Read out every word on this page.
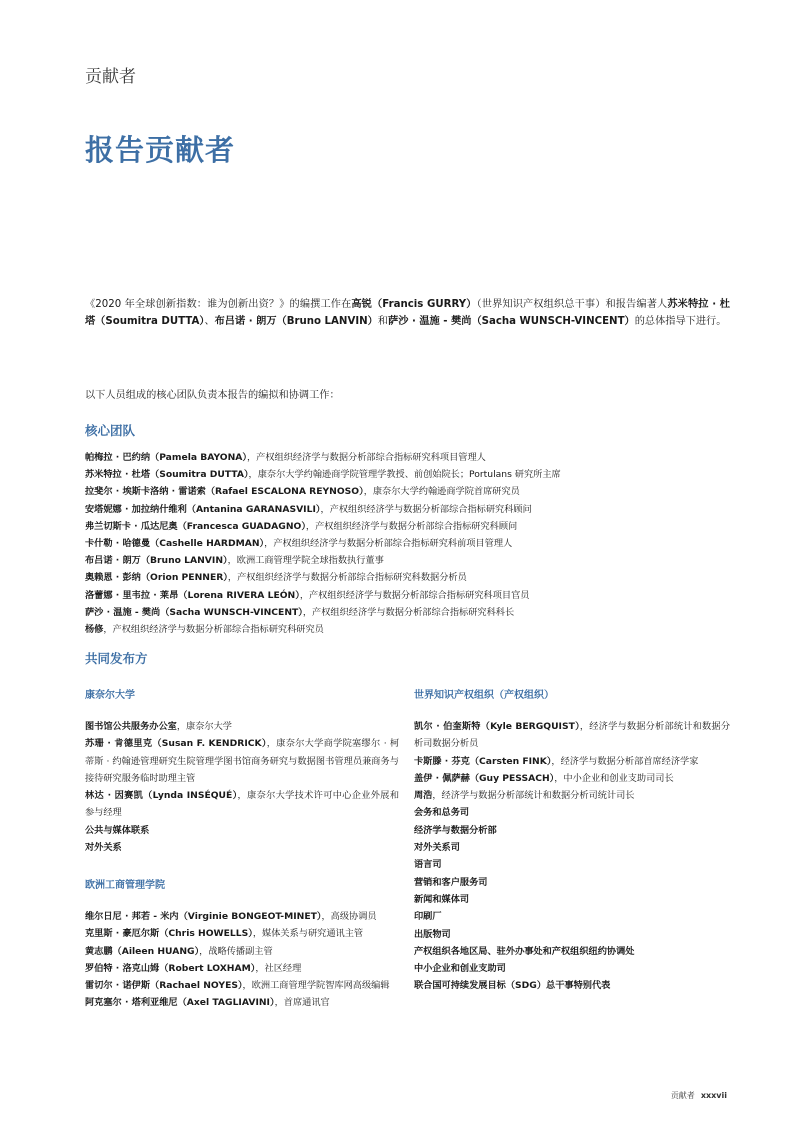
贡献者
报告贡献者
《2020 年全球创新指数：谁为创新出资？》的编撰工作在高锐（Francis GURRY）（世界知识产权组织总干事）和报告编著人苏米特拉 · 杜塔（Soumitra DUTTA）、布吕诺 · 朗万（Bruno LANVIN）和萨沙 · 温施 - 樊尚（Sacha WUNSCH-VINCENT）的总体指导下进行。
以下人员组成的核心团队负责本报告的编拟和协调工作：
核心团队
帕梅拉 · 巴约纳（Pamela BAYONA），产权组织经济学与数据分析部综合指标研究科项目管理人
苏米特拉 · 杜塔（Soumitra DUTTA），康奈尔大学约翰逊商学院管理学教授、前创始院长；Portulans 研究所主席
拉斐尔 · 埃斯卡洛纳 · 雷诺索（Rafael ESCALONA REYNOSO），康奈尔大学约翰逊商学院首席研究员
安塔妮娜 · 加拉纳什维利（Antanina GARANASVILI），产权组织经济学与数据分析部综合指标研究科顾问
弗兰切斯卡 · 瓜达尼奥（Francesca GUADAGNO），产权组织经济学与数据分析部综合指标研究科顾问
卡什勒 · 哈德曼（Cashelle HARDMAN），产权组织经济学与数据分析部综合指标研究科前项目管理人
布吕诺 · 朗万（Bruno LANVIN），欧洲工商管理学院全球指数执行董事
奥赖恩 · 彭纳（Orion PENNER），产权组织经济学与数据分析部综合指标研究科数据分析员
洛蕾娜 · 里韦拉 · 莱昂（Lorena RIVERA LEÓN），产权组织经济学与数据分析部综合指标研究科项目官员
萨沙 · 温施 - 樊尚（Sacha WUNSCH-VINCENT），产权组织经济学与数据分析部综合指标研究科科长
杨修，产权组织经济学与数据分析部综合指标研究科研究员
共同发布方
康奈尔大学
图书馆公共服务办公室，康奈尔大学
苏珊 · 肯德里克（Susan F. KENDRICK），康奈尔大学商学院塞缪尔 · 柯蒂斯 · 约翰逊管理研究生院管理学图书馆商务研究与数据图书管理员兼商务与接待研究服务临时助理主管
林达 · 因赛凯（Lynda INSÉQUÉ），康奈尔大学技术许可中心企业外展和参与经理
公共与媒体联系
对外关系
欧洲工商管理学院
维尔日尼 · 邦若 - 米内（Virginie BONGEOT-MINET），高级协调员
克里斯 · 豪厄尔斯（Chris HOWELLS），媒体关系与研究通讯主管
黄志鹏（Aileen HUANG），战略传播副主管
罗伯特 · 洛克山姆（Robert LOXHAM），社区经理
雷切尔 · 诺伊斯（Rachael NOYES），欧洲工商管理学院智库网高级编辑
阿克塞尔 · 塔利亚维尼（Axel TAGLIAVINI），首席通讯官
世界知识产权组织（产权组织）
凯尔 · 伯奎斯特（Kyle BERGQUIST），经济学与数据分析部统计和数据分析司数据分析员
卡斯滕 · 芬克（Carsten FINK），经济学与数据分析部首席经济学家
盖伊 · 佩萨赫（Guy PESSACH），中小企业和创业支助司司长
周浩，经济学与数据分析部统计和数据分析司统计司长
会务和总务司
经济学与数据分析部
对外关系司
语言司
营销和客户服务司
新闻和媒体司
印刷厂
出版物司
产权组织各地区局、驻外办事处和产权组织纽约协调处
中小企业和创业支助司
联合国可持续发展目标（SDG）总干事特别代表
贡献者 xxxvii
